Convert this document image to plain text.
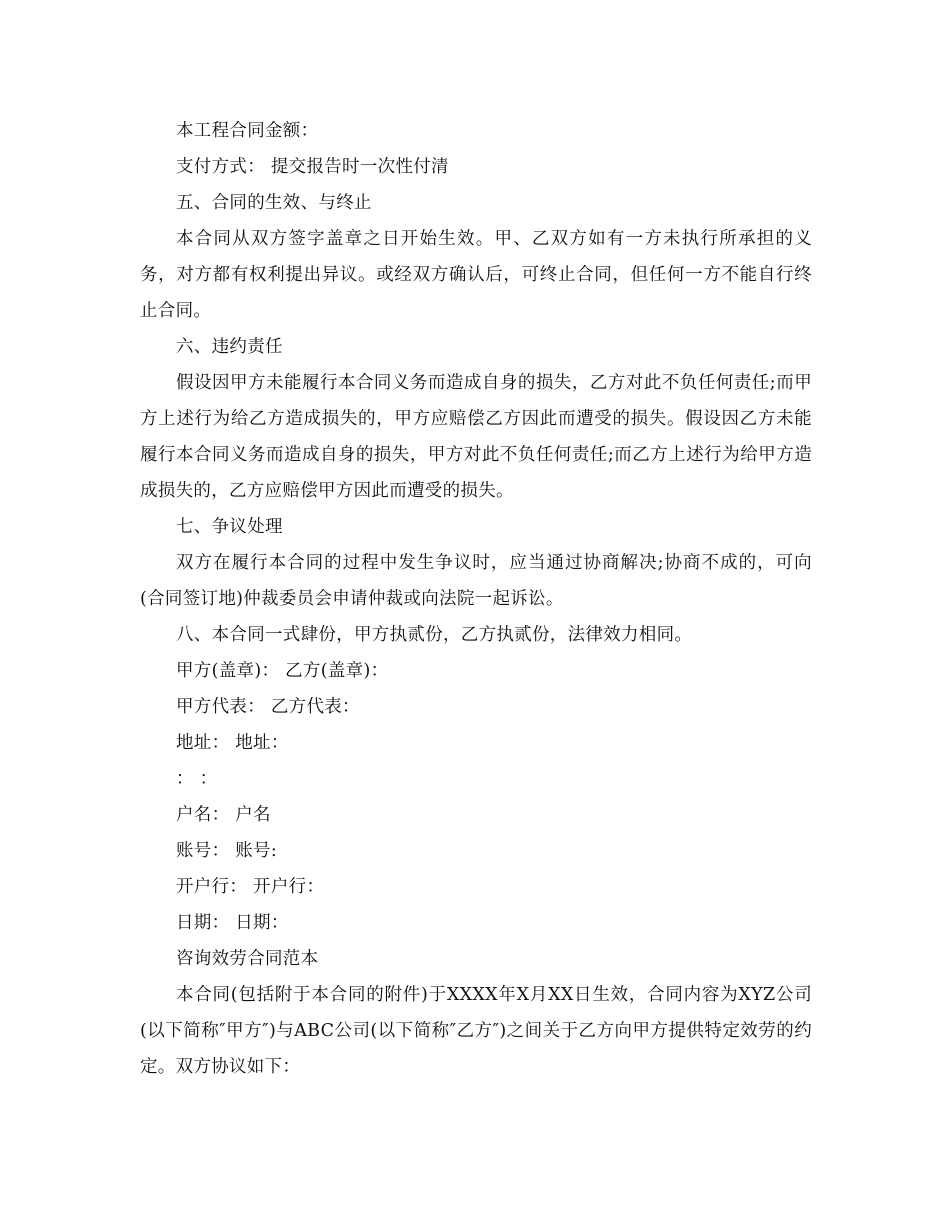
本工程合同金额：

支付方式： 提交报告时一次性付清

五、合同的生效、与终止

本合同从双方签字盖章之日开始生效。甲、乙双方如有一方未执行所承担的义务，对方都有权利提出异议。或经双方确认后，可终止合同，但任何一方不能自行终止合同。

六、违约责任

假设因甲方未能履行本合同义务而造成自身的损失，乙方对此不负任何责任;而甲方上述行为给乙方造成损失的，甲方应赔偿乙方因此而遭受的损失。假设因乙方未能履行本合同义务而造成自身的损失，甲方对此不负任何责任;而乙方上述行为给甲方造成损失的，乙方应赔偿甲方因此而遭受的损失。

七、争议处理

双方在履行本合同的过程中发生争议时，应当通过协商解决;协商不成的，可向(合同签订地)仲裁委员会申请仲裁或向法院一起诉讼。

八、本合同一式肆份，甲方执贰份，乙方执贰份，法律效力相同。

甲方(盖章)： 乙方(盖章)：

甲方代表： 乙方代表：

地址： 地址：

： ：

户名： 户名

账号： 账号:

开户行： 开户行：

日期： 日期：

咨询效劳合同范本

本合同(包括附于本合同的附件)于XXXX年X月XX日生效，合同内容为XYZ公司(以下简称″甲方″)与ABC公司(以下简称″乙方″)之间关于乙方向甲方提供特定效劳的约定。双方协议如下：
